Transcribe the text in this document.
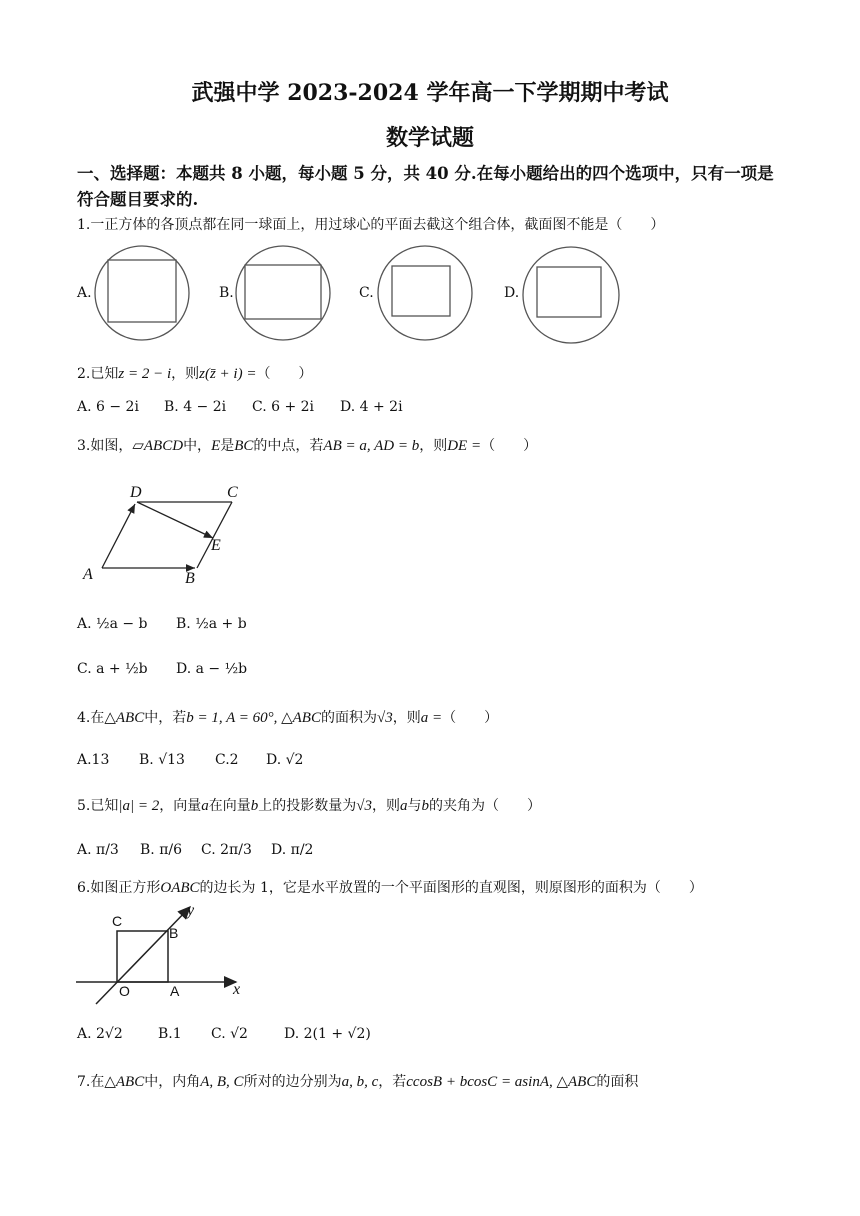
武强中学 2023-2024 学年高一下学期期中考试
数学试题
一、选择题：本题共 8 小题，每小题 5 分，共 40 分.在每小题给出的四个选项中，只有一项是
符合题目要求的.
1.一正方体的各顶点都在同一球面上，用过球心的平面去截这个组合体，截面图不能是（　　）
A.	B.	C.	D.
2.已知z = 2 − i，则z(z̄ + i) =（　　）
A. 6 − 2i B. 4 − 2i C. 6 + 2i D. 4 + 2i
3.如图，▱ABCD中，E是BC的中点，若AB = a, AD = b，则DE =（　　）
D	C
E
A	B
A. ½a − b B. ½a + b
C. a + ½b D. a − ½b
4.在△ABC中，若b = 1, A = 60°, △ABC的面积为√3，则a =（　　）
A.13 B. √13 C.2 D. √2
5.已知|a| = 2，向量a在向量b上的投影数量为√3，则a与b的夹角为（　　）
A. π/3 B. π/6 C. 2π/3 D. π/2
6.如图正方形OABC的边长为 1，它是水平放置的一个平面图形的直观图，则原图形的面积为（　　）
C
B
O	A	x
y
A. 2√2	B.1 C. √2	D. 2(1 + √2)
7.在△ABC中，内角A, B, C所对的边分别为a, b, c，若ccosB + bcosC = asinA, △ABC的面积
